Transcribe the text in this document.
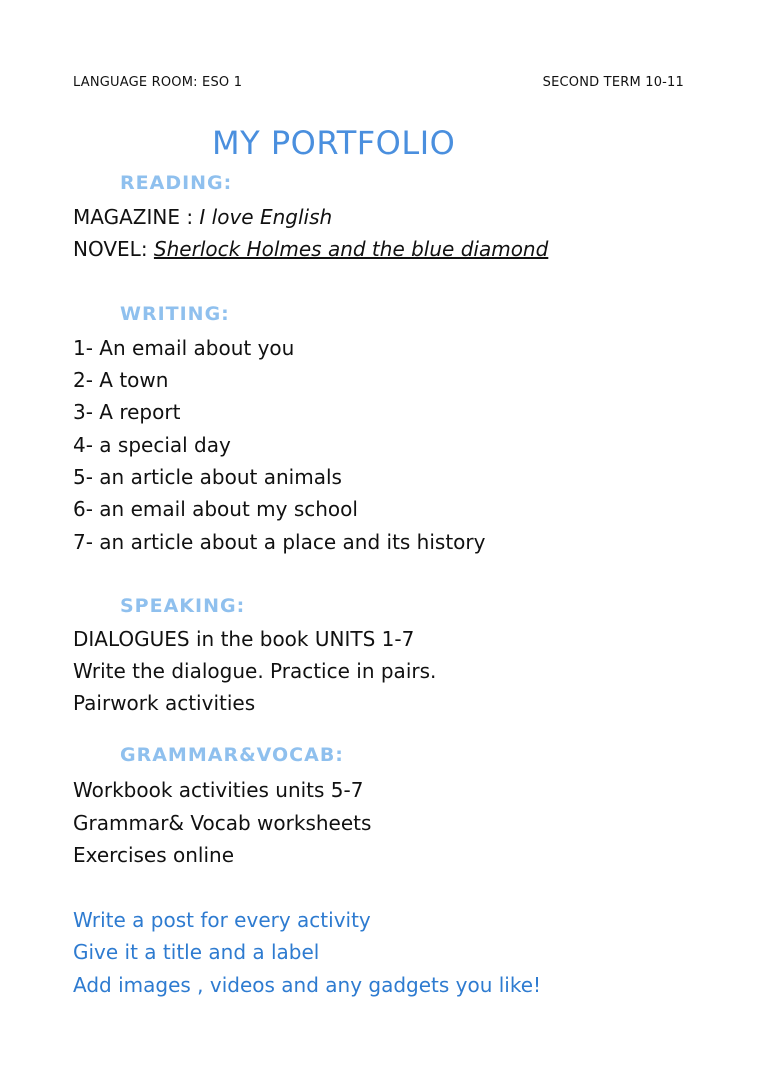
LANGUAGE ROOM: ESO 1	SECOND TERM 10-11
MY PORTFOLIO
READING:
MAGAZINE : I love English
NOVEL: Sherlock Holmes and the blue diamond
WRITING:
1- An email about you
2- A town
3- A report
4- a special day
5- an article about animals
6- an email about my school
7- an article about a place and its history
SPEAKING:
DIALOGUES in the book UNITS 1-7
Write the dialogue. Practice in pairs.
Pairwork activities
GRAMMAR&VOCAB:
Workbook activities units 5-7
Grammar& Vocab worksheets
Exercises online
Write a post for every activity
Give it a title and a label
Add images , videos and any gadgets you like!
